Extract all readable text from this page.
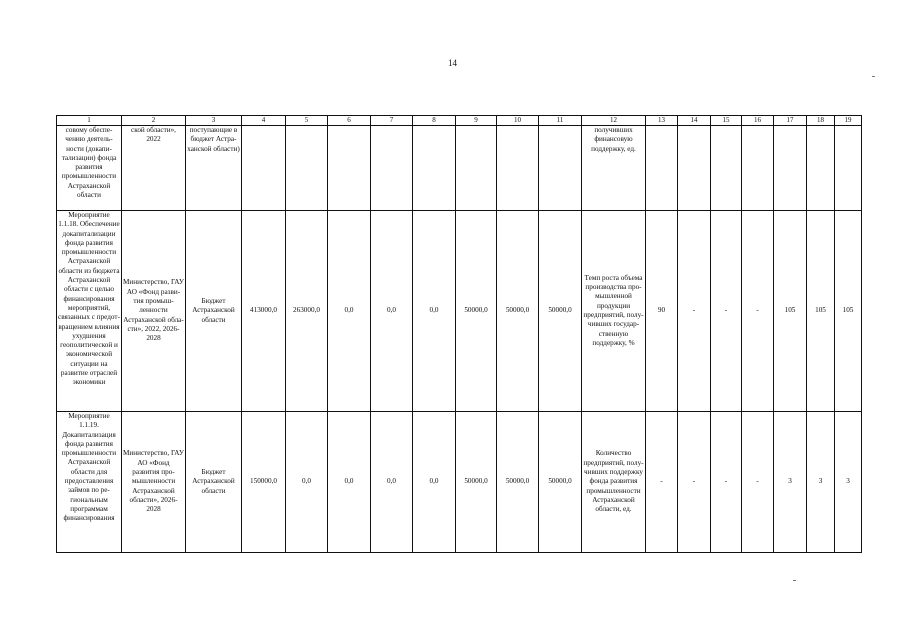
14
1	2	3	4	5	6	7	8	9	10	11	12	13	14	15	16	17	18	19
совому обеспечению деятельности (докапитализации) фонда развития промышленности Астраханской области	ской области», 2022	поступающие в бюджет Астраханской области)									получивших финансовую поддержку, ед.							
Мероприятие 1.1.18. Обеспечение докапитализации фонда развития промышленности Астраханской области из бюджета Астраханской области с целью финансирования мероприятий, связанных с предотвращением влияния ухудшения геополитической и экономической ситуации на развитие отраслей экономики	Министерство, ГАУ АО «Фонд развития промышленности Астраханской области», 2022, 2026-2028	Бюджет Астраханской области	413000,0	263000,0	0,0	0,0	0,0	50000,0	50000,0	50000,0	Темп роста объема производства промышленной продукции предприятий, получивших государственную поддержку, %	90	-	-	-	105	105	105
Мероприятие 1.1.19. Докапитализация фонда развития промышленности Астраханской области для предоставления займов по региональным программам финансирования	Министерство, ГАУ АО «Фонд развития промышленности Астраханской области», 2026-2028	Бюджет Астраханской области	150000,0	0,0	0,0	0,0	0,0	50000,0	50000,0	50000,0	Количество предприятий, получивших поддержку фонда развития промышленности Астраханской области, ед.	-	-	-	-	3	3	3
